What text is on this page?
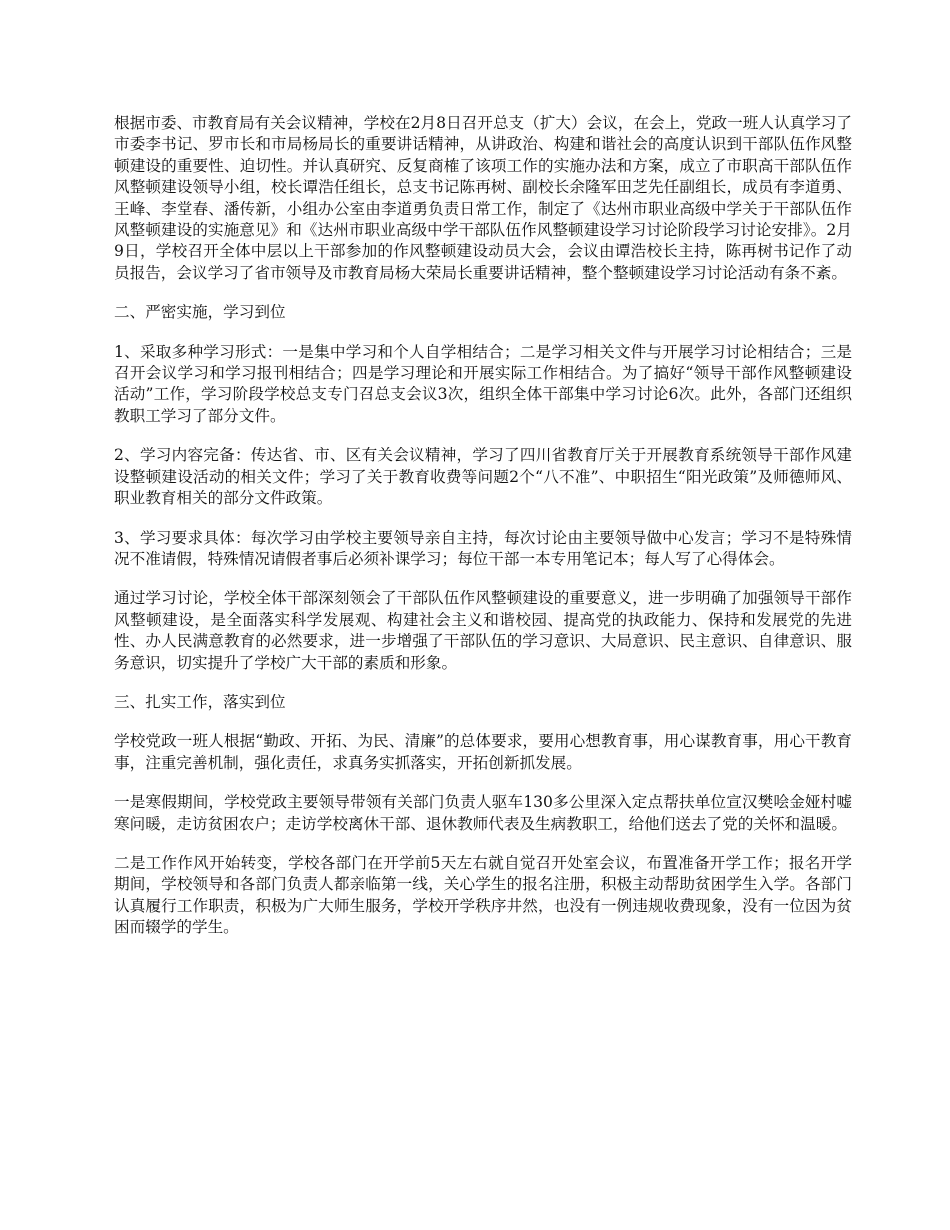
根据市委、市教育局有关会议精神，学校在2月8日召开总支（扩大）会议，在会上，党政一班人认真学习了市委李书记、罗市长和市局杨局长的重要讲话精神，从讲政治、构建和谐社会的高度认识到干部队伍作风整顿建设的重要性、迫切性。并认真研究、反复商榷了该项工作的实施办法和方案，成立了市职高干部队伍作风整顿建设领导小组，校长谭浩任组长，总支书记陈再树、副校长余隆军田芝先任副组长，成员有李道勇、王峰、李堂春、潘传新，小组办公室由李道勇负责日常工作，制定了《达州市职业高级中学关于干部队伍作风整顿建设的实施意见》和《达州市职业高级中学干部队伍作风整顿建设学习讨论阶段学习讨论安排》。2月9日，学校召开全体中层以上干部参加的作风整顿建设动员大会，会议由谭浩校长主持，陈再树书记作了动员报告，会议学习了省市领导及市教育局杨大荣局长重要讲话精神，整个整顿建设学习讨论活动有条不紊。

二、严密实施，学习到位

1、采取多种学习形式：一是集中学习和个人自学相结合；二是学习相关文件与开展学习讨论相结合；三是召开会议学习和学习报刊相结合；四是学习理论和开展实际工作相结合。为了搞好“领导干部作风整顿建设活动”工作，学习阶段学校总支专门召总支会议3次，组织全体干部集中学习讨论6次。此外，各部门还组织教职工学习了部分文件。

2、学习内容完备：传达省、市、区有关会议精神，学习了四川省教育厅关于开展教育系统领导干部作风建设整顿建设活动的相关文件；学习了关于教育收费等问题2个“八不准”、中职招生“阳光政策”及师德师风、职业教育相关的部分文件政策。

3、学习要求具体：每次学习由学校主要领导亲自主持，每次讨论由主要领导做中心发言；学习不是特殊情况不准请假，特殊情况请假者事后必须补课学习；每位干部一本专用笔记本；每人写了心得体会。

通过学习讨论，学校全体干部深刻领会了干部队伍作风整顿建设的重要意义，进一步明确了加强领导干部作风整顿建设，是全面落实科学发展观、构建社会主义和谐校园、提高党的执政能力、保持和发展党的先进性、办人民满意教育的必然要求，进一步增强了干部队伍的学习意识、大局意识、民主意识、自律意识、服务意识，切实提升了学校广大干部的素质和形象。

三、扎实工作，落实到位

学校党政一班人根据“勤政、开拓、为民、清廉”的总体要求，要用心想教育事，用心谋教育事，用心干教育事，注重完善机制，强化责任，求真务实抓落实，开拓创新抓发展。

一是寒假期间，学校党政主要领导带领有关部门负责人驱车130多公里深入定点帮扶单位宣汉樊哙金娅村嘘寒问暖，走访贫困农户；走访学校离休干部、退休教师代表及生病教职工，给他们送去了党的关怀和温暖。

二是工作作风开始转变，学校各部门在开学前5天左右就自觉召开处室会议，布置准备开学工作；报名开学期间，学校领导和各部门负责人都亲临第一线，关心学生的报名注册，积极主动帮助贫困学生入学。各部门认真履行工作职责，积极为广大师生服务，学校开学秩序井然，也没有一例违规收费现象，没有一位因为贫困而辍学的学生。
